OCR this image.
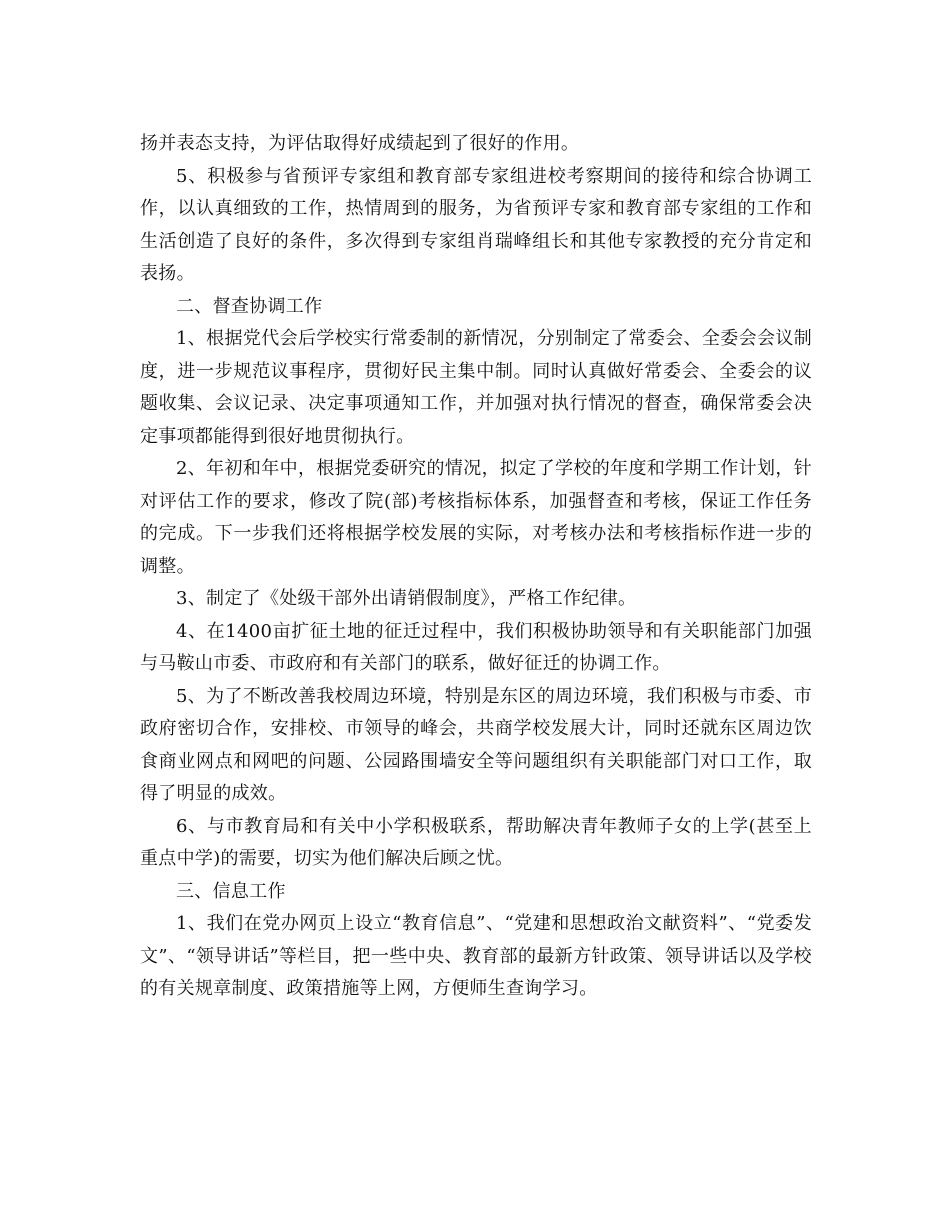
扬并表态支持，为评估取得好成绩起到了很好的作用。

5、积极参与省预评专家组和教育部专家组进校考察期间的接待和综合协调工作，以认真细致的工作，热情周到的服务，为省预评专家和教育部专家组的工作和生活创造了良好的条件，多次得到专家组肖瑞峰组长和其他专家教授的充分肯定和表扬。

二、督查协调工作

1、根据党代会后学校实行常委制的新情况，分别制定了常委会、全委会会议制度，进一步规范议事程序，贯彻好民主集中制。同时认真做好常委会、全委会的议题收集、会议记录、决定事项通知工作，并加强对执行情况的督查，确保常委会决定事项都能得到很好地贯彻执行。

2、年初和年中，根据党委研究的情况，拟定了学校的年度和学期工作计划，针对评估工作的要求，修改了院(部)考核指标体系，加强督查和考核，保证工作任务的完成。下一步我们还将根据学校发展的实际，对考核办法和考核指标作进一步的调整。

3、制定了《处级干部外出请销假制度》，严格工作纪律。

4、在1400亩扩征土地的征迁过程中，我们积极协助领导和有关职能部门加强与马鞍山市委、市政府和有关部门的联系，做好征迁的协调工作。

5、为了不断改善我校周边环境，特别是东区的周边环境，我们积极与市委、市政府密切合作，安排校、市领导的峰会，共商学校发展大计，同时还就东区周边饮食商业网点和网吧的问题、公园路围墙安全等问题组织有关职能部门对口工作，取得了明显的成效。

6、与市教育局和有关中小学积极联系，帮助解决青年教师子女的上学(甚至上重点中学)的需要，切实为他们解决后顾之忧。

三、信息工作

1、我们在党办网页上设立“教育信息”、“党建和思想政治文献资料”、“党委发文”、“领导讲话”等栏目，把一些中央、教育部的最新方针政策、领导讲话以及学校的有关规章制度、政策措施等上网，方便师生查询学习。
